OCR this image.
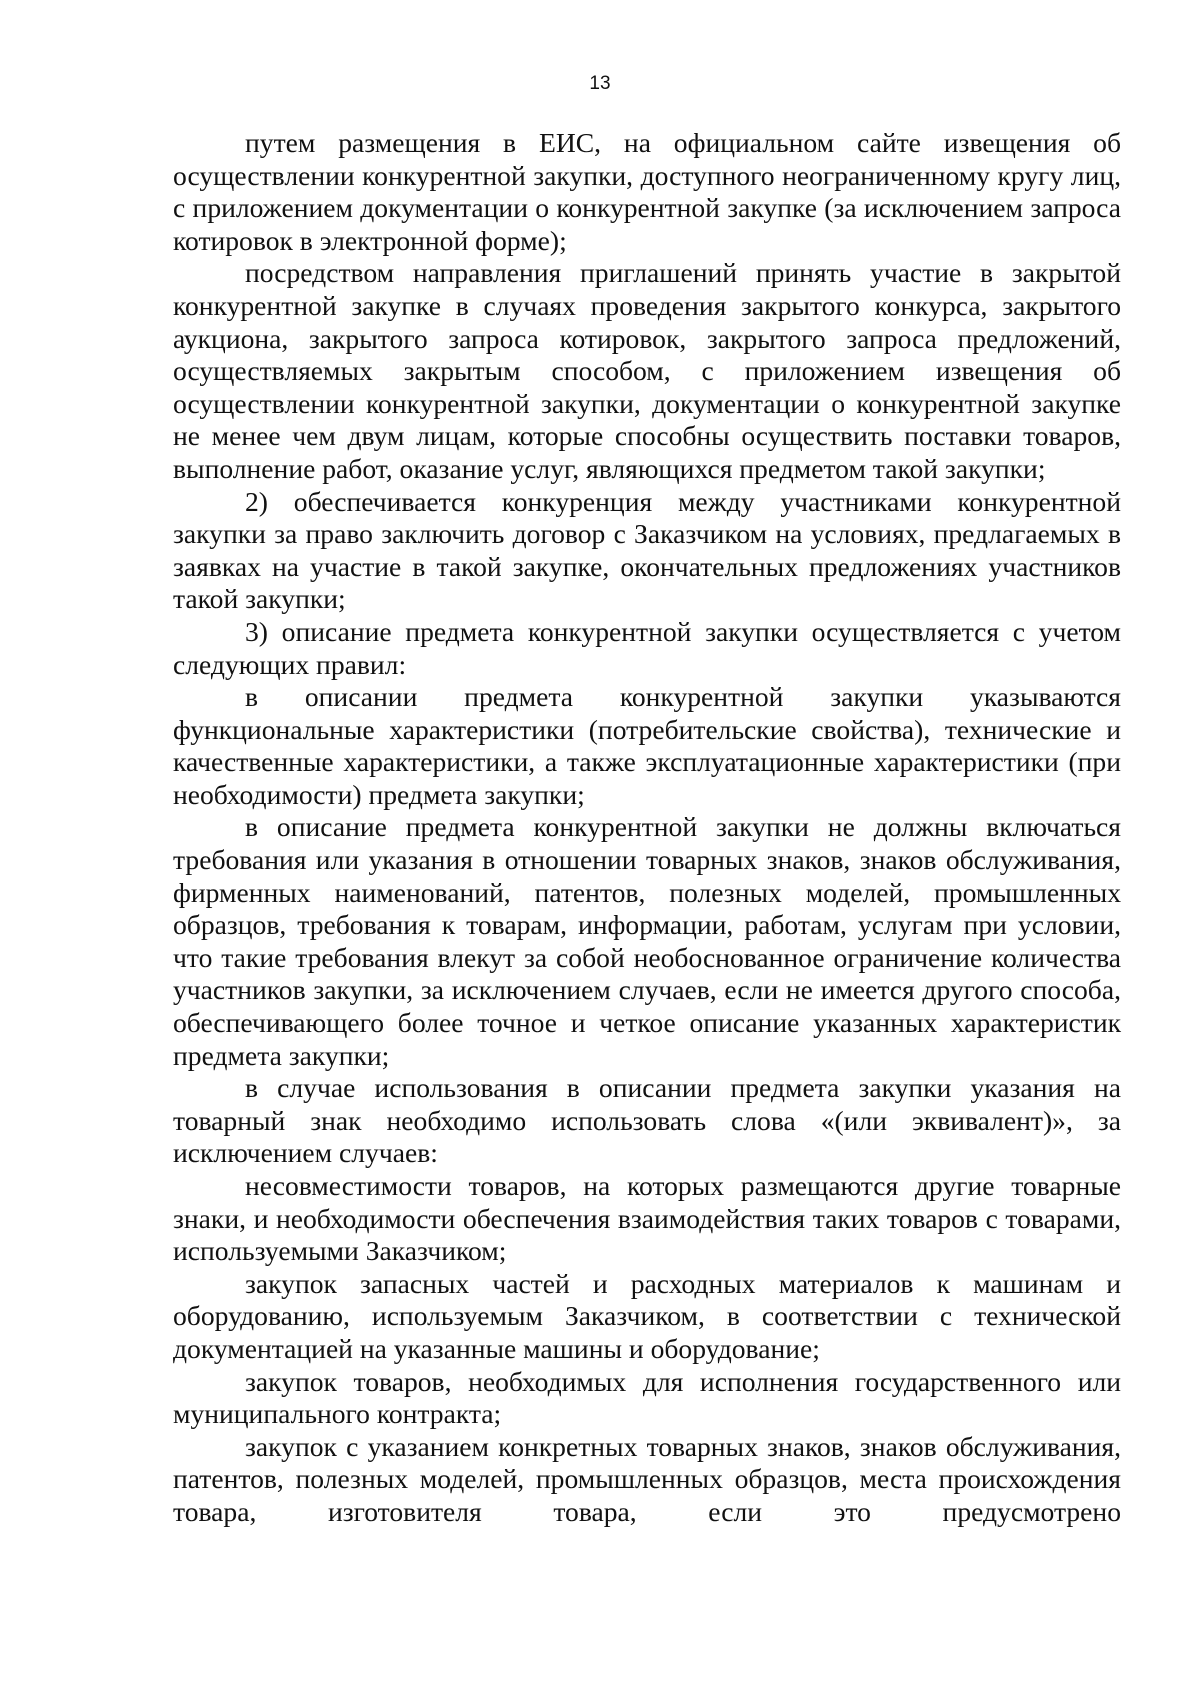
13

путем размещения в ЕИС, на официальном сайте извещения об осуществлении конкурентной закупки, доступного неограниченному кругу лиц, с приложением документации о конкурентной закупке (за исключением запроса котировок в электронной форме);

посредством направления приглашений принять участие в закрытой конкурентной закупке в случаях проведения закрытого конкурса, закрытого аукциона, закрытого запроса котировок, закрытого запроса предложений, осуществляемых закрытым способом, с приложением извещения об осуществлении конкурентной закупки, документации о конкурентной закупке не менее чем двум лицам, которые способны осуществить поставки товаров, выполнение работ, оказание услуг, являющихся предметом такой закупки;

2) обеспечивается конкуренция между участниками конкурентной закупки за право заключить договор с Заказчиком на условиях, предлагаемых в заявках на участие в такой закупке, окончательных предложениях участников такой закупки;

3) описание предмета конкурентной закупки осуществляется с учетом следующих правил:

в описании предмета конкурентной закупки указываются функциональные характеристики (потребительские свойства), технические и качественные характеристики, а также эксплуатационные характеристики (при необходимости) предмета закупки;

в описание предмета конкурентной закупки не должны включаться требования или указания в отношении товарных знаков, знаков обслуживания, фирменных наименований, патентов, полезных моделей, промышленных образцов, требования к товарам, информации, работам, услугам при условии, что такие требования влекут за собой необоснованное ограничение количества участников закупки, за исключением случаев, если не имеется другого способа, обеспечивающего более точное и четкое описание указанных характеристик предмета закупки;

в случае использования в описании предмета закупки указания на товарный знак необходимо использовать слова «(или эквивалент)», за исключением случаев:

несовместимости товаров, на которых размещаются другие товарные знаки, и необходимости обеспечения взаимодействия таких товаров с товарами, используемыми Заказчиком;

закупок запасных частей и расходных материалов к машинам и оборудованию, используемым Заказчиком, в соответствии с технической документацией на указанные машины и оборудование;

закупок товаров, необходимых для исполнения государственного или муниципального контракта;

закупок с указанием конкретных товарных знаков, знаков обслуживания, патентов, полезных моделей, промышленных образцов, места происхождения товара, изготовителя товара, если это предусмотрено
